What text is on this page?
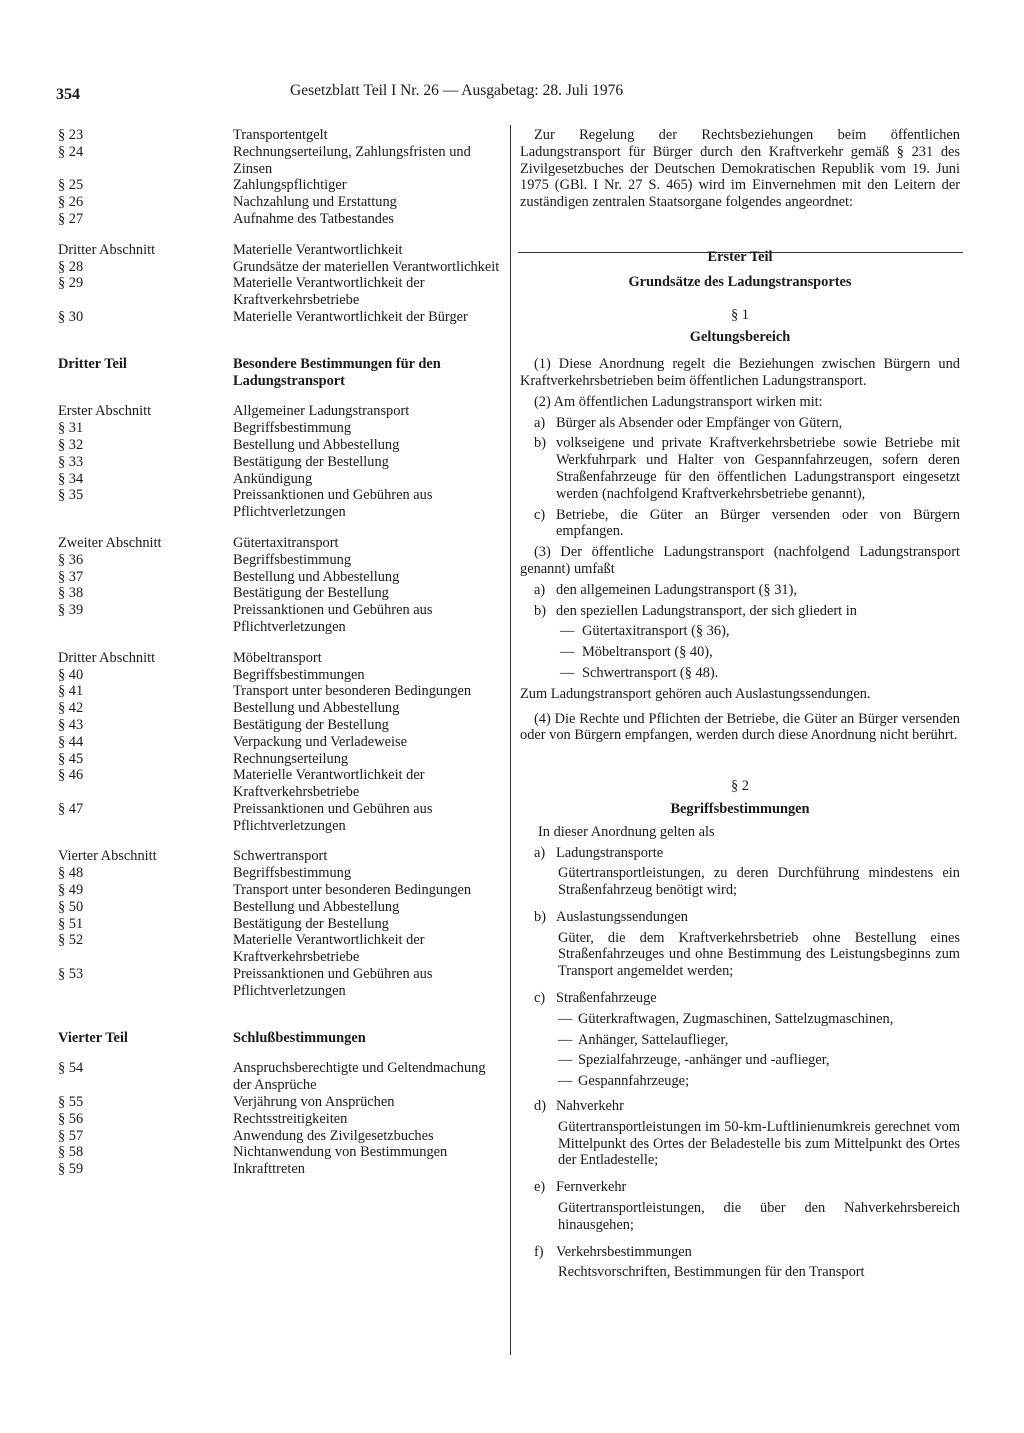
354	Gesetzblatt Teil I Nr. 26 — Ausgabetag: 28. Juli 1976
§ 23	Transportentgelt
§ 24	Rechnungserteilung, Zahlungsfristen und Zinsen
§ 25	Zahlungspflichtiger
§ 26	Nachzahlung und Erstattung
§ 27	Aufnahme des Tatbestandes
Dritter Abschnitt	Materielle Verantwortlichkeit
§ 28	Grundsätze der materiellen Verantwortlichkeit
§ 29	Materielle Verantwortlichkeit der Kraftverkehrsbetriebe
§ 30	Materielle Verantwortlichkeit der Bürger
Dritter Teil	Besondere Bestimmungen für den Ladungstransport
Erster Abschnitt	Allgemeiner Ladungstransport
§ 31	Begriffsbestimmung
§ 32	Bestellung und Abbestellung
§ 33	Bestätigung der Bestellung
§ 34	Ankündigung
§ 35	Preissanktionen und Gebühren aus Pflichtverletzungen
Zweiter Abschnitt	Gütertaxitransport
§ 36	Begriffsbestimmung
§ 37	Bestellung und Abbestellung
§ 38	Bestätigung der Bestellung
§ 39	Preissanktionen und Gebühren aus Pflichtverletzungen
Dritter Abschnitt	Möbeltransport
§ 40	Begriffsbestimmungen
§ 41	Transport unter besonderen Bedingungen
§ 42	Bestellung und Abbestellung
§ 43	Bestätigung der Bestellung
§ 44	Verpackung und Verladeweise
§ 45	Rechnungserteilung
§ 46	Materielle Verantwortlichkeit der Kraftverkehrsbetriebe
§ 47	Preissanktionen und Gebühren aus Pflichtverletzungen
Vierter Abschnitt	Schwertransport
§ 48	Begriffsbestimmung
§ 49	Transport unter besonderen Bedingungen
§ 50	Bestellung und Abbestellung
§ 51	Bestätigung der Bestellung
§ 52	Materielle Verantwortlichkeit der Kraftverkehrsbetriebe
§ 53	Preissanktionen und Gebühren aus Pflichtverletzungen
Vierter Teil	Schlußbestimmungen
§ 54	Anspruchsberechtigte und Geltendmachung der Ansprüche
§ 55	Verjährung von Ansprüchen
§ 56	Rechtsstreitigkeiten
§ 57	Anwendung des Zivilgesetzbuches
§ 58	Nichtanwendung von Bestimmungen
§ 59	Inkrafttreten

Zur Regelung der Rechtsbeziehungen beim öffentlichen Ladungstransport für Bürger durch den Kraftverkehr gemäß § 231 des Zivilgesetzbuches der Deutschen Demokratischen Republik vom 19. Juni 1975 (GBl. I Nr. 27 S. 465) wird im Einvernehmen mit den Leitern der zuständigen zentralen Staatsorgane folgendes angeordnet:

Erster Teil

Grundsätze des Ladungstransportes

§ 1

Geltungsbereich

(1) Diese Anordnung regelt die Beziehungen zwischen Bürgern und Kraftverkehrsbetrieben beim öffentlichen Ladungstransport.

(2) Am öffentlichen Ladungstransport wirken mit:

a) Bürger als Absender oder Empfänger von Gütern,
b) volkseigene und private Kraftverkehrsbetriebe sowie Betriebe mit Werkfuhrpark und Halter von Gespannfahrzeugen, sofern deren Straßenfahrzeuge für den öffentlichen Ladungstransport eingesetzt werden (nachfolgend Kraftverkehrsbetriebe genannt),
c) Betriebe, die Güter an Bürger versenden oder von Bürgern empfangen.

(3) Der öffentliche Ladungstransport (nachfolgend Ladungstransport genannt) umfaßt

a) den allgemeinen Ladungstransport (§ 31),
b) den speziellen Ladungstransport, der sich gliedert in
— Gütertaxitransport (§ 36),
— Möbeltransport (§ 40),
— Schwertransport (§ 48).

Zum Ladungstransport gehören auch Auslastungssendungen.

(4) Die Rechte und Pflichten der Betriebe, die Güter an Bürger versenden oder von Bürgern empfangen, werden durch diese Anordnung nicht berührt.

§ 2

Begriffsbestimmungen

In dieser Anordnung gelten als

a) Ladungstransporte

Gütertransportleistungen, zu deren Durchführung mindestens ein Straßenfahrzeug benötigt wird;

b) Auslastungssendungen

Güter, die dem Kraftverkehrsbetrieb ohne Bestellung eines Straßenfahrzeuges und ohne Bestimmung des Leistungsbeginns zum Transport angemeldet werden;

c) Straßenfahrzeuge
— Güterkraftwagen, Zugmaschinen, Sattelzugmaschinen,
— Anhänger, Sattelauflieger,
— Spezialfahrzeuge, -anhänger und -auflieger,
— Gespannfahrzeuge;
d) Nahverkehr

Gütertransportleistungen im 50-km-Luftlinienumkreis gerechnet vom Mittelpunkt des Ortes der Beladestelle bis zum Mittelpunkt des Ortes der Entladestelle;

e) Fernverkehr

Gütertransportleistungen, die über den Nahverkehrsbereich hinausgehen;

f) Verkehrsbestimmungen

Rechtsvorschriften, Bestimmungen für den Transport
